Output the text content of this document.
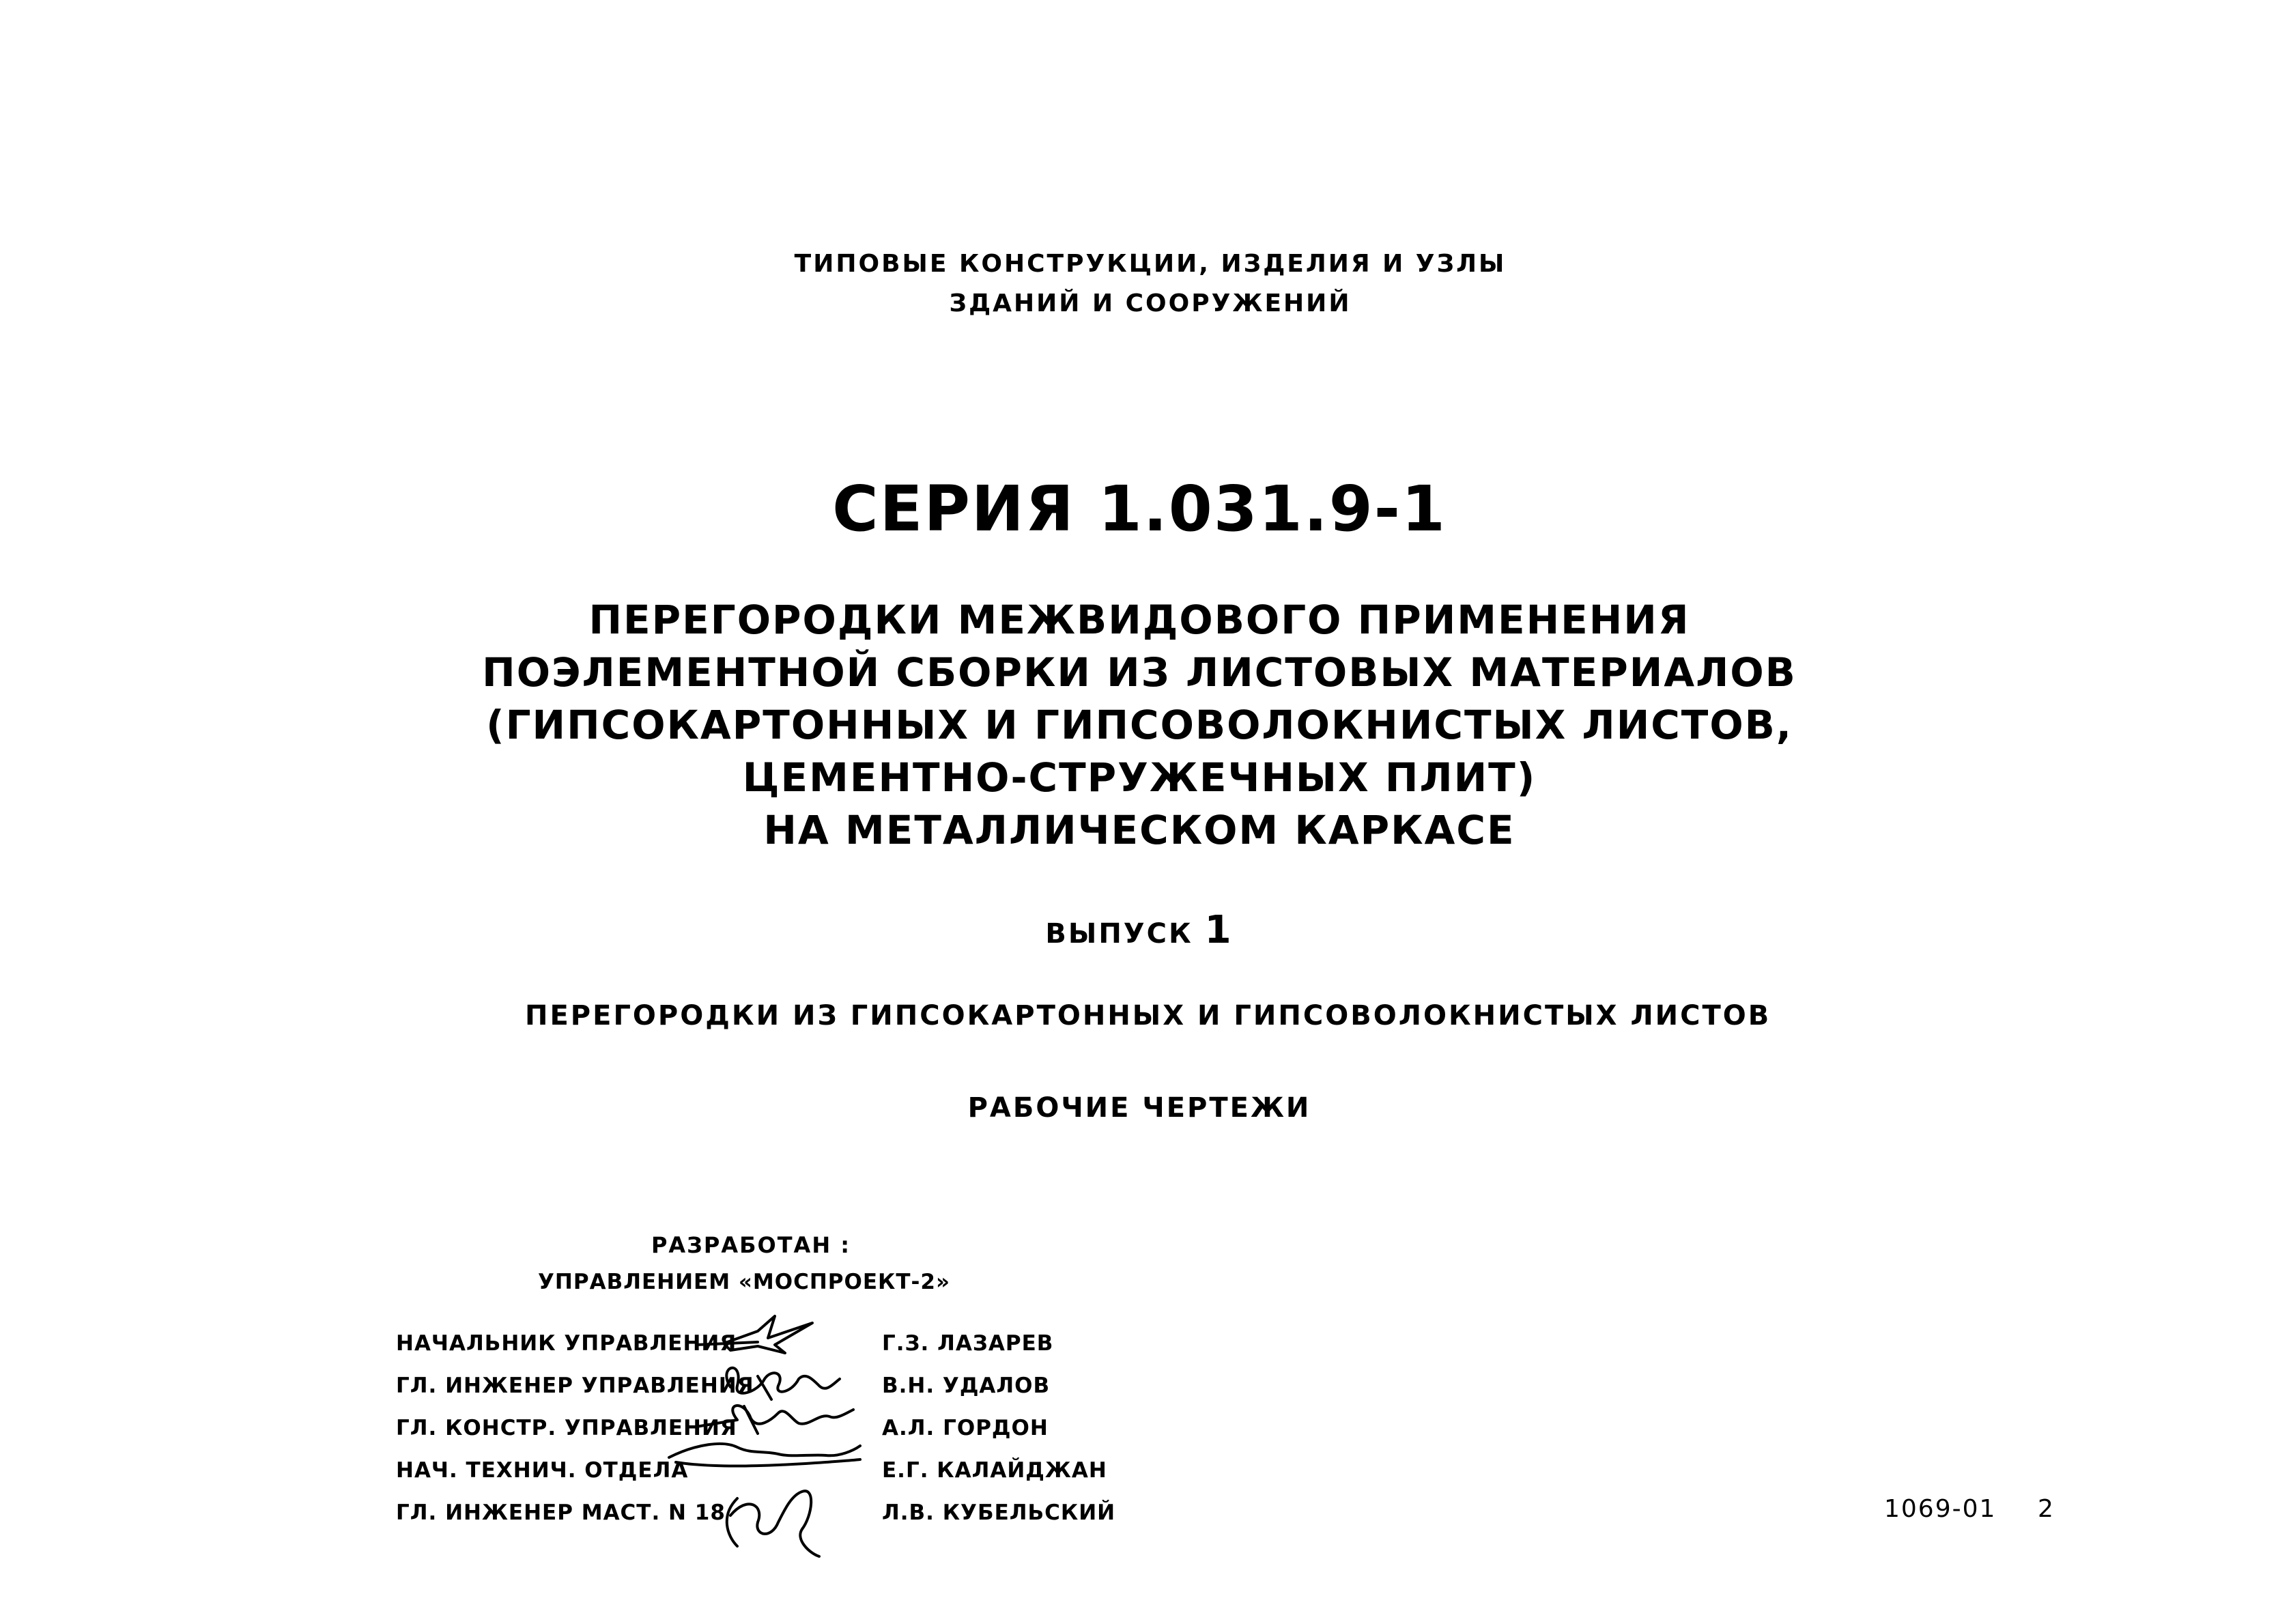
ТИПОВЫЕ КОНСТРУКЦИИ, ИЗДЕЛИЯ И УЗЛЫ
ЗДАНИЙ И СООРУЖЕНИЙ
СЕРИЯ 1.031.9-1
ПЕРЕГОРОДКИ МЕЖВИДОВОГО ПРИМЕНЕНИЯ
ПОЭЛЕМЕНТНОЙ СБОРКИ ИЗ ЛИСТОВЫХ МАТЕРИАЛОВ
(ГИПСОКАРТОННЫХ И ГИПСОВОЛОКНИСТЫХ ЛИСТОВ,
ЦЕМЕНТНО-СТРУЖЕЧНЫХ ПЛИТ)
НА МЕТАЛЛИЧЕСКОМ КАРКАСЕ
ВЫПУСК 1
ПЕРЕГОРОДКИ ИЗ ГИПСОКАРТОННЫХ И ГИПСОВОЛОКНИСТЫХ ЛИСТОВ
РАБОЧИЕ ЧЕРТЕЖИ
РАЗРАБОТАН :
УПРАВЛЕНИЕМ «МОСПРОЕКТ-2»
НАЧАЛЬНИК УПРАВЛЕНИЯ
ГЛ. ИНЖЕНЕР УПРАВЛЕНИЯ
ГЛ. КОНСТР. УПРАВЛЕНИЯ
НАЧ. ТЕХНИЧ. ОТДЕЛА
ГЛ. ИНЖЕНЕР МАСТ. N 18
Г.З. ЛАЗАРЕВ
В.Н. УДАЛОВ
А.Л. ГОРДОН
Е.Г. КАЛАЙДЖАН
Л.В. КУБЕЛЬСКИЙ	1069-01 2
